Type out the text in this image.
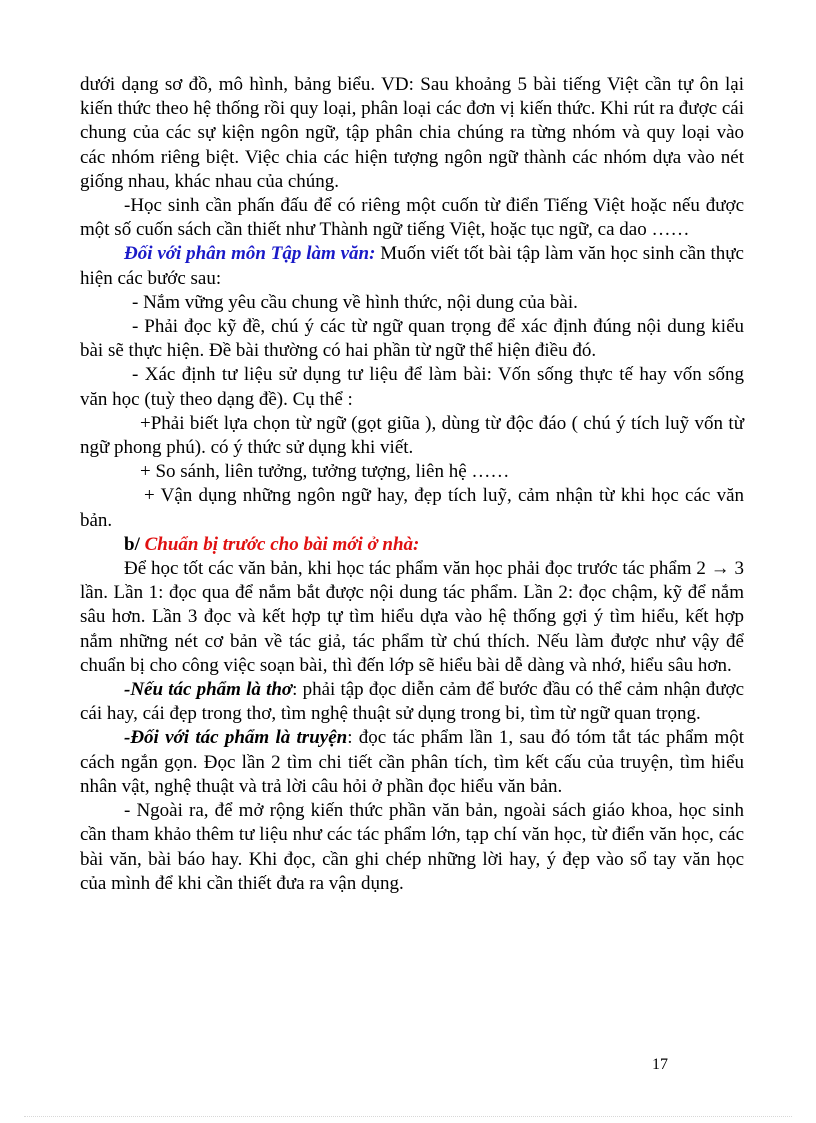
dưới dạng sơ đồ, mô hình, bảng biểu. VD: Sau khoảng 5 bài tiếng Việt cần tự ôn lại kiến thức theo hệ thống rồi quy loại, phân loại các đơn vị kiến thức. Khi rút ra được cái chung của các sự kiện ngôn ngữ, tập phân chia chúng ra từng nhóm và quy loại vào các nhóm riêng biệt. Việc chia các hiện tượng ngôn ngữ thành các nhóm dựa vào nét giống nhau, khác nhau của chúng.

-Học sinh cần phấn đấu để có riêng một cuốn từ điển Tiếng Việt hoặc nếu được một số cuốn sách cần thiết như Thành ngữ tiếng Việt, hoặc tục ngữ, ca dao ……

Đối với phân môn Tập làm văn: Muốn viết tốt bài tập làm văn học sinh cần thực hiện các bước sau:

- Nắm vững yêu cầu chung về hình thức, nội dung của bài.

- Phải đọc kỹ đề, chú ý các từ ngữ quan trọng để xác định đúng nội dung kiểu bài sẽ thực hiện. Đề bài thường có hai phần từ ngữ thể hiện điều đó.

- Xác định tư liệu sử dụng tư liệu để làm bài: Vốn sống thực tế hay vốn sống văn học (tuỳ theo dạng đề). Cụ thể :

+Phải biết lựa chọn từ ngữ (gọt giũa ), dùng từ độc đáo ( chú ý tích luỹ vốn từ ngữ phong phú). có ý thức sử dụng khi viết.

+ So sánh, liên tưởng, tưởng tượng, liên hệ ……

+ Vận dụng những ngôn ngữ hay, đẹp tích luỹ, cảm nhận từ khi học các văn bản.

b/ Chuẩn bị trước cho bài mới ở nhà:

Để học tốt các văn bản, khi học tác phẩm văn học phải đọc trước tác phẩm 2 → 3 lần. Lần 1: đọc qua để nắm bắt được nội dung tác phẩm. Lần 2: đọc chậm, kỹ để nắm sâu hơn. Lần 3 đọc và kết hợp tự tìm hiểu dựa vào hệ thống gợi ý tìm hiểu, kết hợp nắm những nét cơ bản về tác giả, tác phẩm từ chú thích. Nếu làm được như vậy để chuẩn bị cho công việc soạn bài, thì đến lớp sẽ hiểu bài dễ dàng và nhớ, hiểu sâu hơn.

-Nếu tác phẩm là thơ: phải tập đọc diễn cảm để bước đầu có thể cảm nhận được cái hay, cái đẹp trong thơ, tìm nghệ thuật sử dụng trong bi, tìm từ ngữ quan trọng.

-Đối với tác phẩm là truyện: đọc tác phẩm lần 1, sau đó tóm tắt tác phẩm một cách ngắn gọn. Đọc lần 2 tìm chi tiết cần phân tích, tìm kết cấu của truyện, tìm hiểu nhân vật, nghệ thuật và trả lời câu hỏi ở phần đọc hiểu văn bản.

- Ngoài ra, để mở rộng kiến thức phần văn bản, ngoài sách giáo khoa, học sinh cần tham khảo thêm tư liệu như các tác phẩm lớn, tạp chí văn học, từ điển văn học, các bài văn, bài báo hay. Khi đọc, cần ghi chép những lời hay, ý đẹp vào sổ tay văn học của mình để khi cần thiết đưa ra vận dụng.

17
